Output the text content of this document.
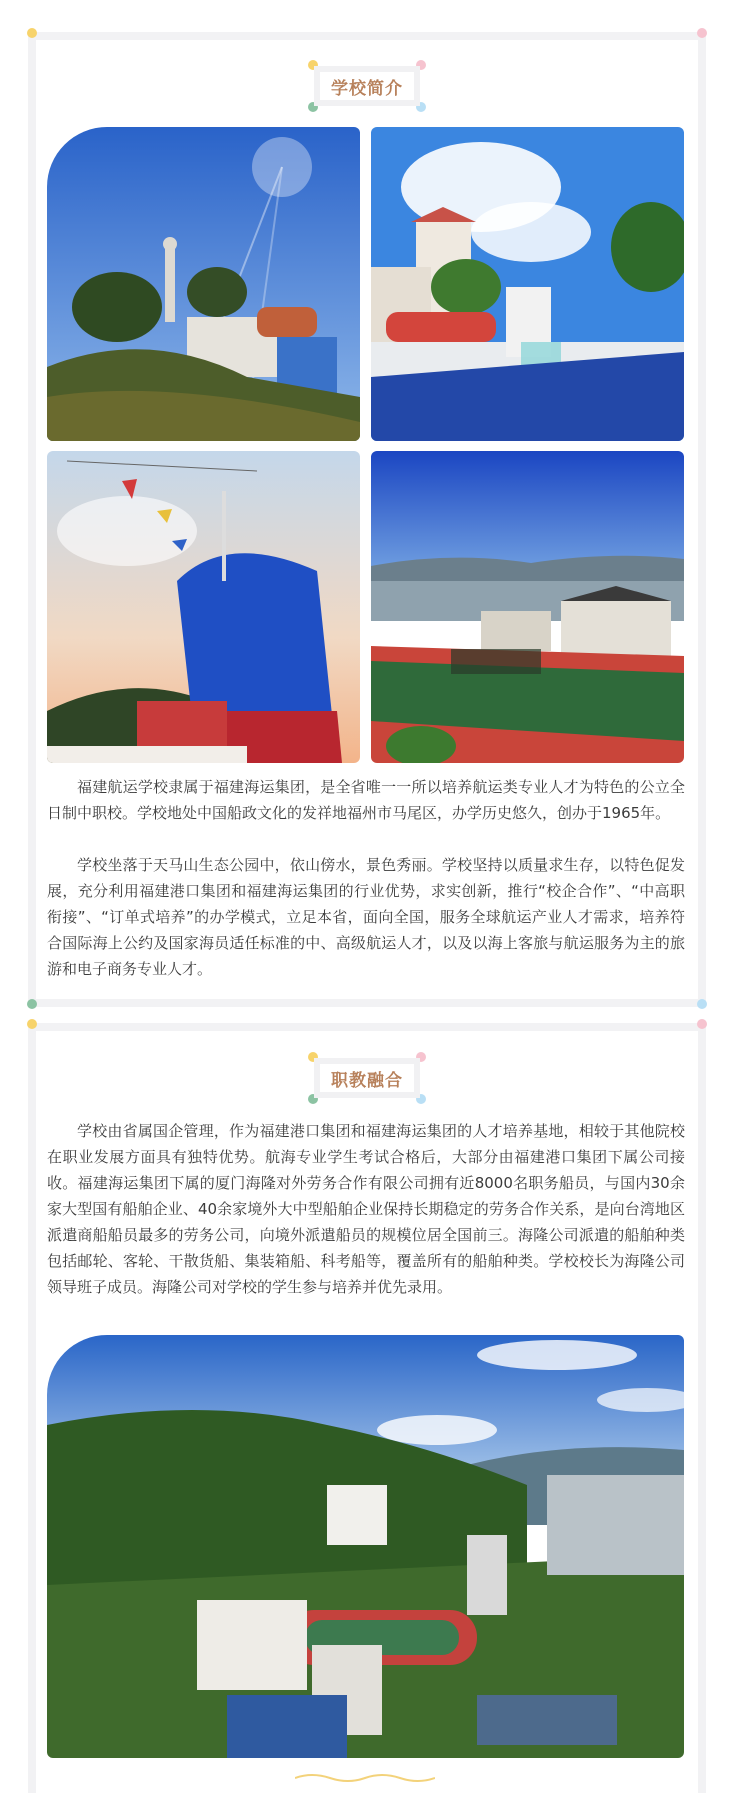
学校简介
福建航运学校隶属于福建海运集团，是全省唯一一所以培养航运类专业人才为特色的公立全日制中职校。学校地处中国船政文化的发祥地福州市马尾区，办学历史悠久，创办于1965年。
学校坐落于天马山生态公园中，依山傍水，景色秀丽。学校坚持以质量求生存，以特色促发展，充分利用福建港口集团和福建海运集团的行业优势，求实创新，推行“校企合作”、“中高职衔接”、“订单式培养”的办学模式，立足本省，面向全国，服务全球航运产业人才需求，培养符合国际海上公约及国家海员适任标准的中、高级航运人才，以及以海上客旅与航运服务为主的旅游和电子商务专业人才。
职教融合
学校由省属国企管理，作为福建港口集团和福建海运集团的人才培养基地，相较于其他院校在职业发展方面具有独特优势。航海专业学生考试合格后，大部分由福建港口集团下属公司接收。福建海运集团下属的厦门海隆对外劳务合作有限公司拥有近8000名职务船员，与国内30余家大型国有船舶企业、40余家境外大中型船舶企业保持长期稳定的劳务合作关系，是向台湾地区派遣商船船员最多的劳务公司，向境外派遣船员的规模位居全国前三。海隆公司派遣的船舶种类包括邮轮、客轮、干散货船、集装箱船、科考船等，覆盖所有的船舶种类。学校校长为海隆公司领导班子成员。海隆公司对学校的学生参与培养并优先录用。
